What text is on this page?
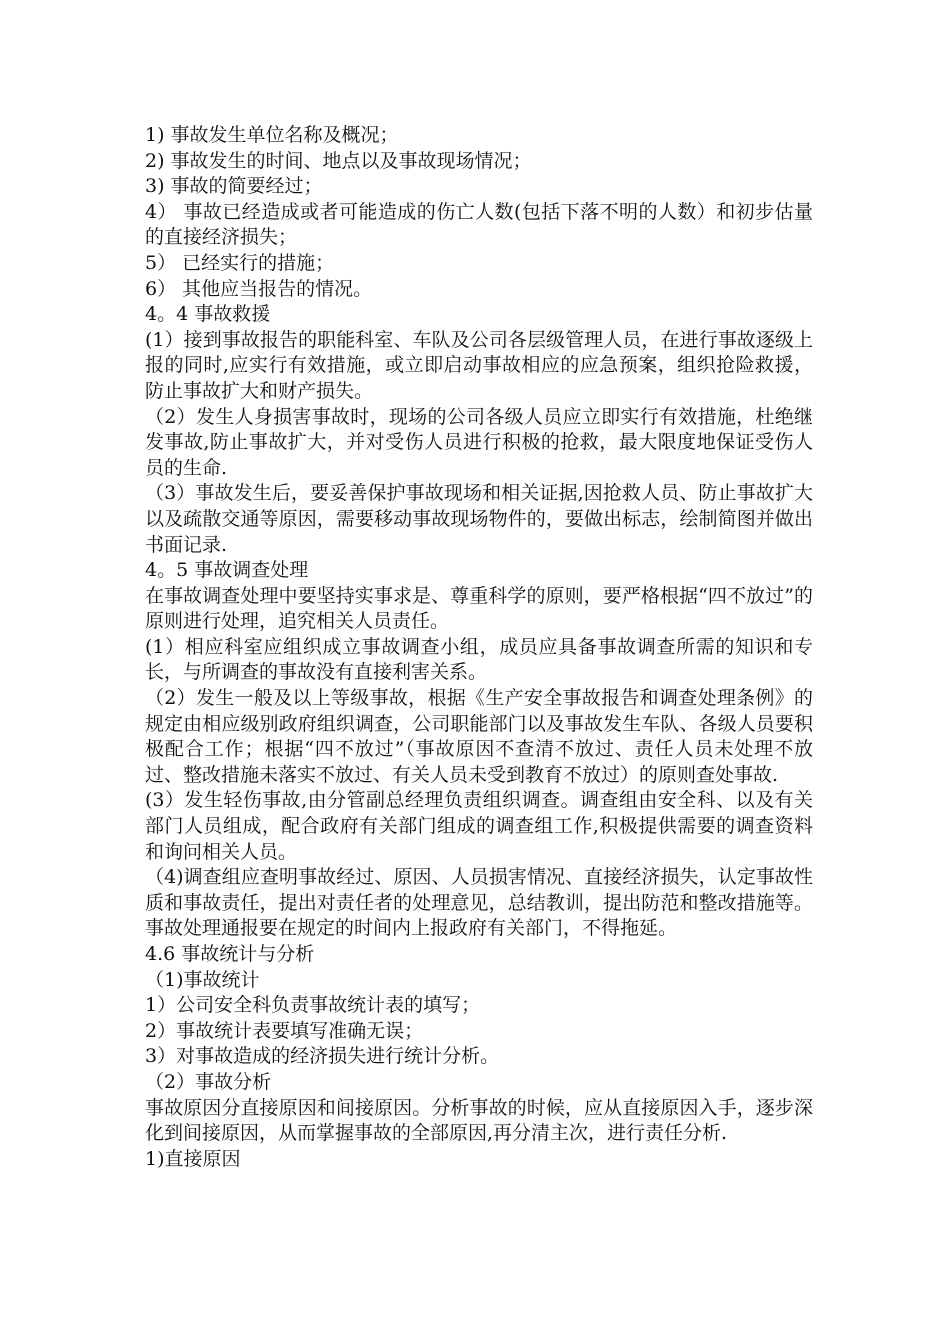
1) 事故发生单位名称及概况；

2) 事故发生的时间、地点以及事故现场情况；

3) 事故的简要经过；

4） 事故已经造成或者可能造成的伤亡人数(包括下落不明的人数）和初步估量的直接经济损失；

5） 已经实行的措施；

6） 其他应当报告的情况。

4。4 事故救援

(1）接到事故报告的职能科室、车队及公司各层级管理人员，在进行事故逐级上报的同时,应实行有效措施，或立即启动事故相应的应急预案，组织抢险救援，防止事故扩大和财产损失。

（2）发生人身损害事故时，现场的公司各级人员应立即实行有效措施，杜绝继发事故,防止事故扩大，并对受伤人员进行积极的抢救，最大限度地保证受伤人员的生命.

（3）事故发生后，要妥善保护事故现场和相关证据,因抢救人员、防止事故扩大以及疏散交通等原因，需要移动事故现场物件的，要做出标志，绘制简图并做出书面记录.

4。5 事故调查处理

在事故调查处理中要坚持实事求是、尊重科学的原则，要严格根据“四不放过”的原则进行处理，追究相关人员责任。

(1）相应科室应组织成立事故调查小组，成员应具备事故调查所需的知识和专长，与所调查的事故没有直接利害关系。

（2）发生一般及以上等级事故，根据《生产安全事故报告和调查处理条例》的规定由相应级别政府组织调查，公司职能部门以及事故发生车队、各级人员要积极配合工作；根据“四不放过”（事故原因不查清不放过、责任人员未处理不放过、整改措施未落实不放过、有关人员未受到教育不放过）的原则查处事故.

(3）发生轻伤事故,由分管副总经理负责组织调查。调查组由安全科、以及有关部门人员组成，配合政府有关部门组成的调查组工作,积极提供需要的调查资料和询问相关人员。

（4)调查组应查明事故经过、原因、人员损害情况、直接经济损失，认定事故性质和事故责任，提出对责任者的处理意见，总结教训，提出防范和整改措施等。事故处理通报要在规定的时间内上报政府有关部门，不得拖延。

4.6 事故统计与分析

（1)事故统计

1）公司安全科负责事故统计表的填写；

2）事故统计表要填写准确无误；

3）对事故造成的经济损失进行统计分析。

（2）事故分析

事故原因分直接原因和间接原因。分析事故的时候，应从直接原因入手，逐步深化到间接原因，从而掌握事故的全部原因,再分清主次，进行责任分析.

1)直接原因
